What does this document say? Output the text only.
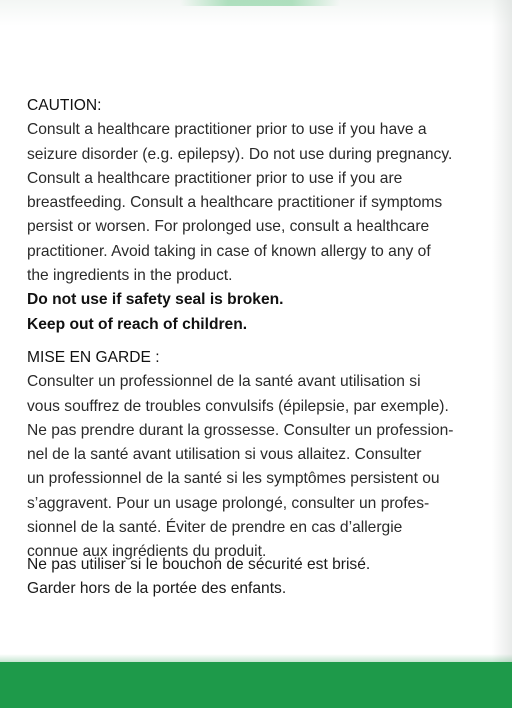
CAUTION:
Consult a healthcare practitioner prior to use if you have a
seizure disorder (e.g. epilepsy). Do not use during pregnancy.
Consult a healthcare practitioner prior to use if you are
breastfeeding. Consult a healthcare practitioner if symptoms
persist or worsen. For prolonged use, consult a healthcare
practitioner. Avoid taking in case of known allergy to any of
the ingredients in the product.
Do not use if safety seal is broken.
Keep out of reach of children.
MISE EN GARDE :
Consulter un professionnel de la santé avant utilisation si
vous souffrez de troubles convulsifs (épilepsie, par exemple).
Ne pas prendre durant la grossesse. Consulter un profession-
nel de la santé avant utilisation si vous allaitez. Consulter
un professionnel de la santé si les symptômes persistent ou
s’aggravent. Pour un usage prolongé, consulter un profes-
sionnel de la santé. Éviter de prendre en cas d’allergie
connue aux ingrédients du produit.
Ne pas utiliser si le bouchon de sécurité est brisé.
Garder hors de la portée des enfants.
